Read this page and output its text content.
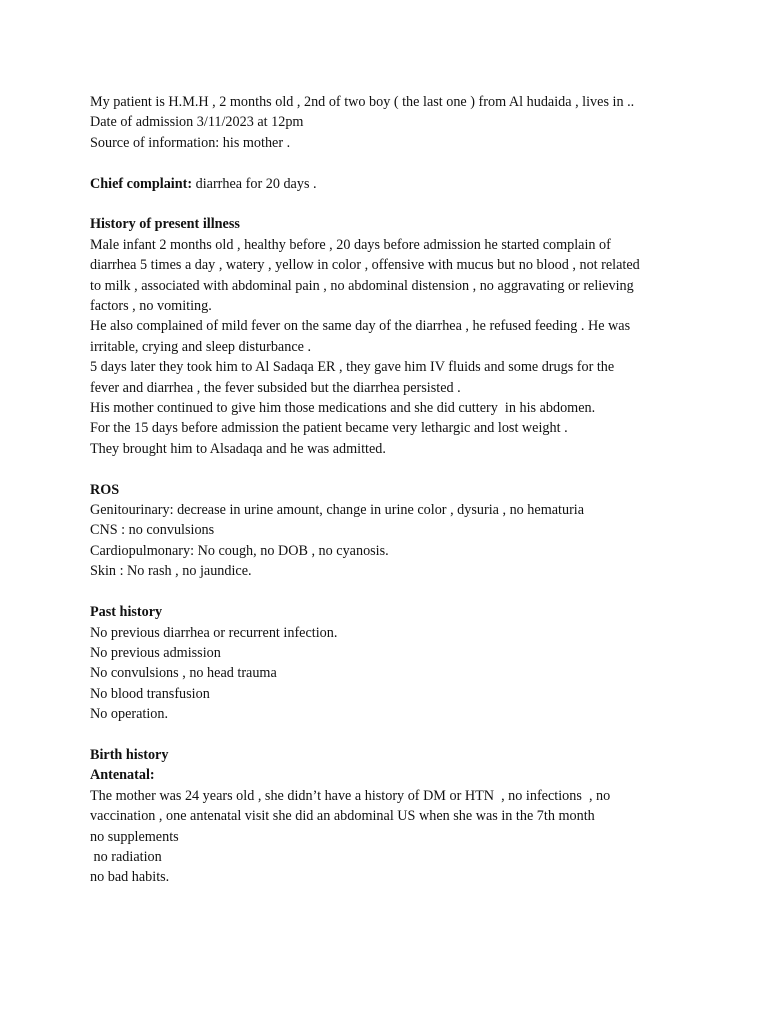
My patient is H.M.H , 2 months old , 2nd of two boy ( the last one ) from Al hudaida , lives in ..

Date of admission 3/11/2023 at 12pm

Source of information: his mother .

Chief complaint: diarrhea for 20 days .

History of present illness

Male infant 2 months old , healthy before , 20 days before admission he started complain of

diarrhea 5 times a day , watery , yellow in color , offensive with mucus but no blood , not related

to milk , associated with abdominal pain , no abdominal distension , no aggravating or relieving

factors , no vomiting.

He also complained of mild fever on the same day of the diarrhea , he refused feeding . He was

irritable, crying and sleep disturbance .

5 days later they took him to Al Sadaqa ER , they gave him IV fluids and some drugs for the

fever and diarrhea , the fever subsided but the diarrhea persisted .

His mother continued to give him those medications and she did cuttery  in his abdomen.

For the 15 days before admission the patient became very lethargic and lost weight .

They brought him to Alsadaqa and he was admitted.

ROS

Genitourinary: decrease in urine amount, change in urine color , dysuria , no hematuria

CNS : no convulsions

Cardiopulmonary: No cough, no DOB , no cyanosis.

Skin : No rash , no jaundice.

Past history

No previous diarrhea or recurrent infection.

No previous admission

No convulsions , no head trauma

No blood transfusion

No operation.

Birth history

Antenatal:

The mother was 24 years old , she didn’t have a history of DM or HTN  , no infections  , no

vaccination , one antenatal visit she did an abdominal US when she was in the 7th month

no supplements

no radiation

no bad habits.
